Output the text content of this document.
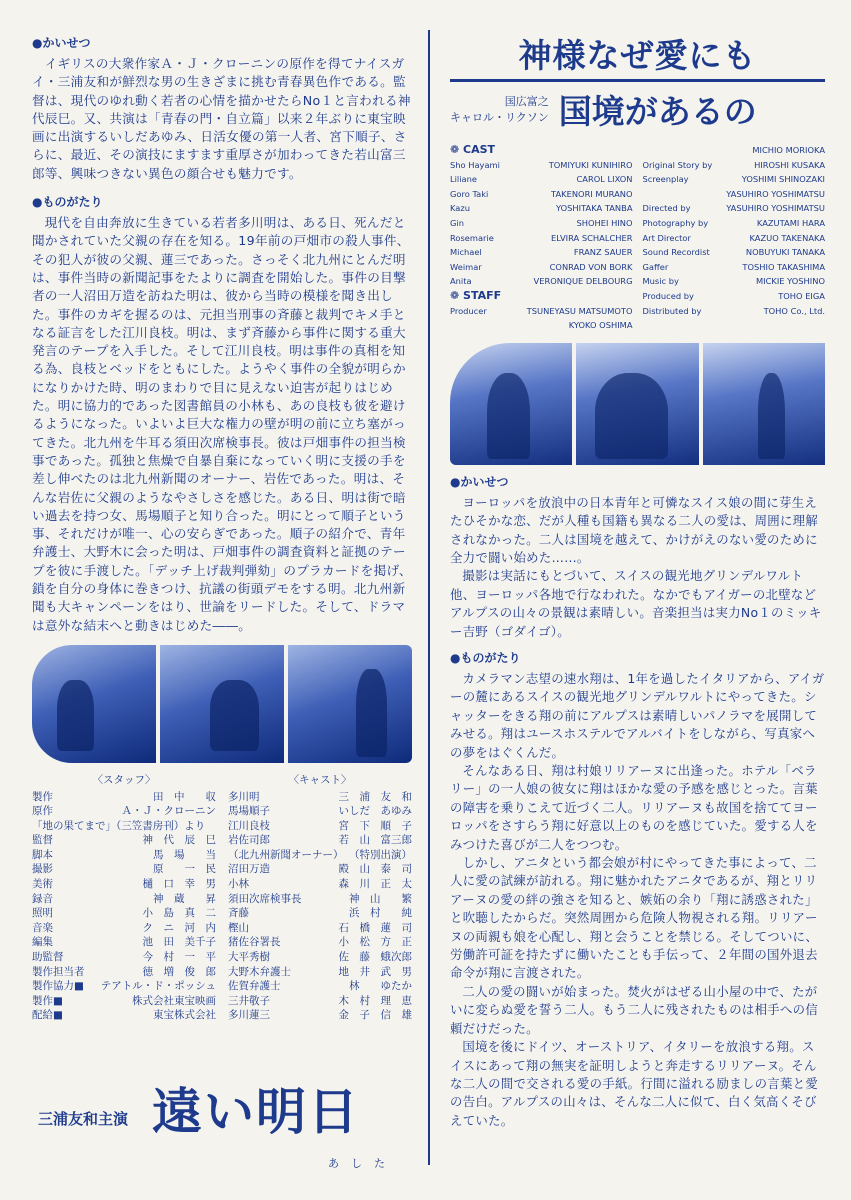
●かいせつ

イギリスの大衆作家Ａ・Ｊ・クローニンの原作を得てナイスガイ・三浦友和が鮮烈な男の生きざまに挑む青春異色作である。監督は、現代のゆれ動く若者の心情を描かせたらNo１と言われる神代辰巳。又、共演は「青春の門・自立篇」以来２年ぶりに東宝映画に出演するいしだあゆみ、日活女優の第一人者、宮下順子、さらに、最近、その演技にますます重厚さが加わってきた若山富三郎等、興味つきない異色の顔合せも魅力です。

●ものがたり

現代を自由奔放に生きている若者多川明は、ある日、死んだと聞かされていた父親の存在を知る。19年前の戸畑市の殺人事件、その犯人が彼の父親、蓮三であった。さっそく北九州にとんだ明は、事件当時の新聞記事をたよりに調査を開始した。事件の目撃者の一人沼田万造を訪ねた明は、彼から当時の模様を聞き出した。事件のカギを握るのは、元担当刑事の斉藤と裁判でキメ手となる証言をした江川良枝。明は、まず斉藤から事件に関する重大発言のテープを入手した。そして江川良枝。明は事件の真相を知る為、良枝とベッドをともにした。ようやく事件の全貌が明らかになりかけた時、明のまわりで目に見えない迫害が起りはじめた。明に協力的であった図書館員の小林も、あの良枝も彼を避けるようになった。いよいよ巨大な権力の壁が明の前に立ち塞がってきた。北九州を牛耳る須田次席検事長。彼は戸畑事件の担当検事であった。孤独と焦燥で自暴自棄になっていく明に支援の手を差し伸べたのは北九州新聞のオーナー、岩佐であった。明は、そんな岩佐に父親のようなやさしさを感じた。ある日、明は街で暗い過去を持つ女、馬場順子と知り合った。明にとって順子という事、それだけが唯一、心の安らぎであった。順子の紹介で、青年弁護士、大野木に会った明は、戸畑事件の調査資料と証拠のテープを彼に手渡した。「デッチ上げ裁判弾劾」のプラカードを掲げ、鎖を自分の身体に巻きつけ、抗議の街頭デモをする明。北九州新聞も大キャンペーンをはり、世論をリードした。そして、ドラマは意外な結末へと動きはじめた――。

〈スタッフ〉
製作	田　中　　収
原作	Ａ・Ｊ・クローニン
「地の果てまで」（三笠書房刊）より
監督	神　代　辰　巳
脚本	馬　場　　当
撮影	原　　一　民
美術	樋　口　幸　男
録音	神　蔵　　昇
照明	小　島　真　二
音楽	ク　ニ　河　内
編集	池　田　美千子
助監督	今　村　一　平
製作担当者	徳　増　俊　郎
製作協力■ テアトル・ド・ポッシュ
製作■	株式会社東宝映画
配給■	東宝株式会社
〈キャスト〉
多川明	三　浦　友　和
馬場順子	いしだ　あゆみ
江川良枝	宮　下　順　子
岩佐司郎	若　山　富三郎
（北九州新聞オーナー） （特別出演）
沼田万造	殿　山　泰　司
小林	森　川　正　太
須田次席検事長	神　山　　繁
斉藤	浜　村　　純
樫山	石　橋　蓮　司
猪佐谷署長	小　松　方　正
大平秀樹	佐　藤　蛾次郎
大野木弁護士	地　井　武　男
佐賀弁護士	林　　ゆたか
三井敬子	木　村　理　恵
多川蓮三	金　子　信　雄
三浦友和主演 遠い明日
あした
神様なぜ愛にも
国広富之
キャロル・リクソン 国境があるの
❁ CAST
Sho Hayami	TOMIYUKI KUNIHIRO
Liliane	CAROL LIXON
Goro Taki	TAKENORI MURANO
Kazu	YOSHITAKA TANBA
Gin	SHOHEI HINO
Rosemarie	ELVIRA SCHALCHER
Michael	FRANZ SAUER
Weimar	CONRAD VON BORK
Anita	VERONIQUE DELBOURG
❁ STAFF
Producer	TSUNEYASU MATSUMOTO
KYOKO OSHIMA
MICHIO MORIOKA
Original Story by	HIROSHI KUSAKA
Screenplay	YOSHIMI SHINOZAKI
YASUHIRO YOSHIMATSU
Directed by	YASUHIRO YOSHIMATSU
Photography by	KAZUTAMI HARA
Art Director	KAZUO TAKENAKA
Sound Recordist	NOBUYUKI TANAKA
Gaffer	TOSHIO TAKASHIMA
Music by	MICKIE YOSHINO
Produced by	TOHO EIGA
Distributed by	TOHO Co., Ltd.
●かいせつ

ヨーロッパを放浪中の日本青年と可憐なスイス娘の間に芽生えたひそかな恋、だが人種も国籍も異なる二人の愛は、周囲に理解されなかった。二人は国境を越えて、かけがえのない愛のために全力で闘い始めた……。

撮影は実話にもとづいて、スイスの観光地グリンデルワルト他、ヨーロッパ各地で行なわれた。なかでもアイガーの北壁などアルプスの山々の景観は素晴しい。音楽担当は実力No１のミッキー吉野（ゴダイゴ）。

●ものがたり

カメラマン志望の速水翔は、1年を過したイタリアから、アイガーの麓にあるスイスの観光地グリンデルワルトにやってきた。シャッターをきる翔の前にアルプスは素晴しいパノラマを展開してみせる。翔はユースホステルでアルバイトをしながら、写真家への夢をはぐくんだ。

そんなある日、翔は村娘リリアーヌに出逢った。ホテル「ベラリー」の一人娘の彼女に翔はほかな愛の予感を感じとった。言葉の障害を乗りこえて近づく二人。リリアーヌも故国を捨ててヨーロッパをさすらう翔に好意以上のものを感じていた。愛する人をみつけた喜びが二人をつつむ。

しかし、アニタという都会娘が村にやってきた事によって、二人に愛の試練が訪れる。翔に魅かれたアニタであるが、翔とリリアーヌの愛の絆の強さを知ると、嫉妬の余り「翔に誘惑された」と吹聴したからだ。突然周囲から危険人物視される翔。リリアーヌの両親も娘を心配し、翔と会うことを禁じる。そしてついに、労働許可証を持たずに働いたことも手伝って、２年間の国外退去命令が翔に言渡された。

二人の愛の闘いが始まった。焚火がはぜる山小屋の中で、たがいに変らぬ愛を誓う二人。もう二人に残されたものは相手への信頼だけだった。

国境を後にドイツ、オーストリア、イタリーを放浪する翔。スイスにあって翔の無実を証明しようと奔走するリリアーヌ。そんな二人の間で交される愛の手紙。行間に溢れる励ましの言葉と愛の告白。アルプスの山々は、そんな二人に似て、白く気高くそびえていた。
